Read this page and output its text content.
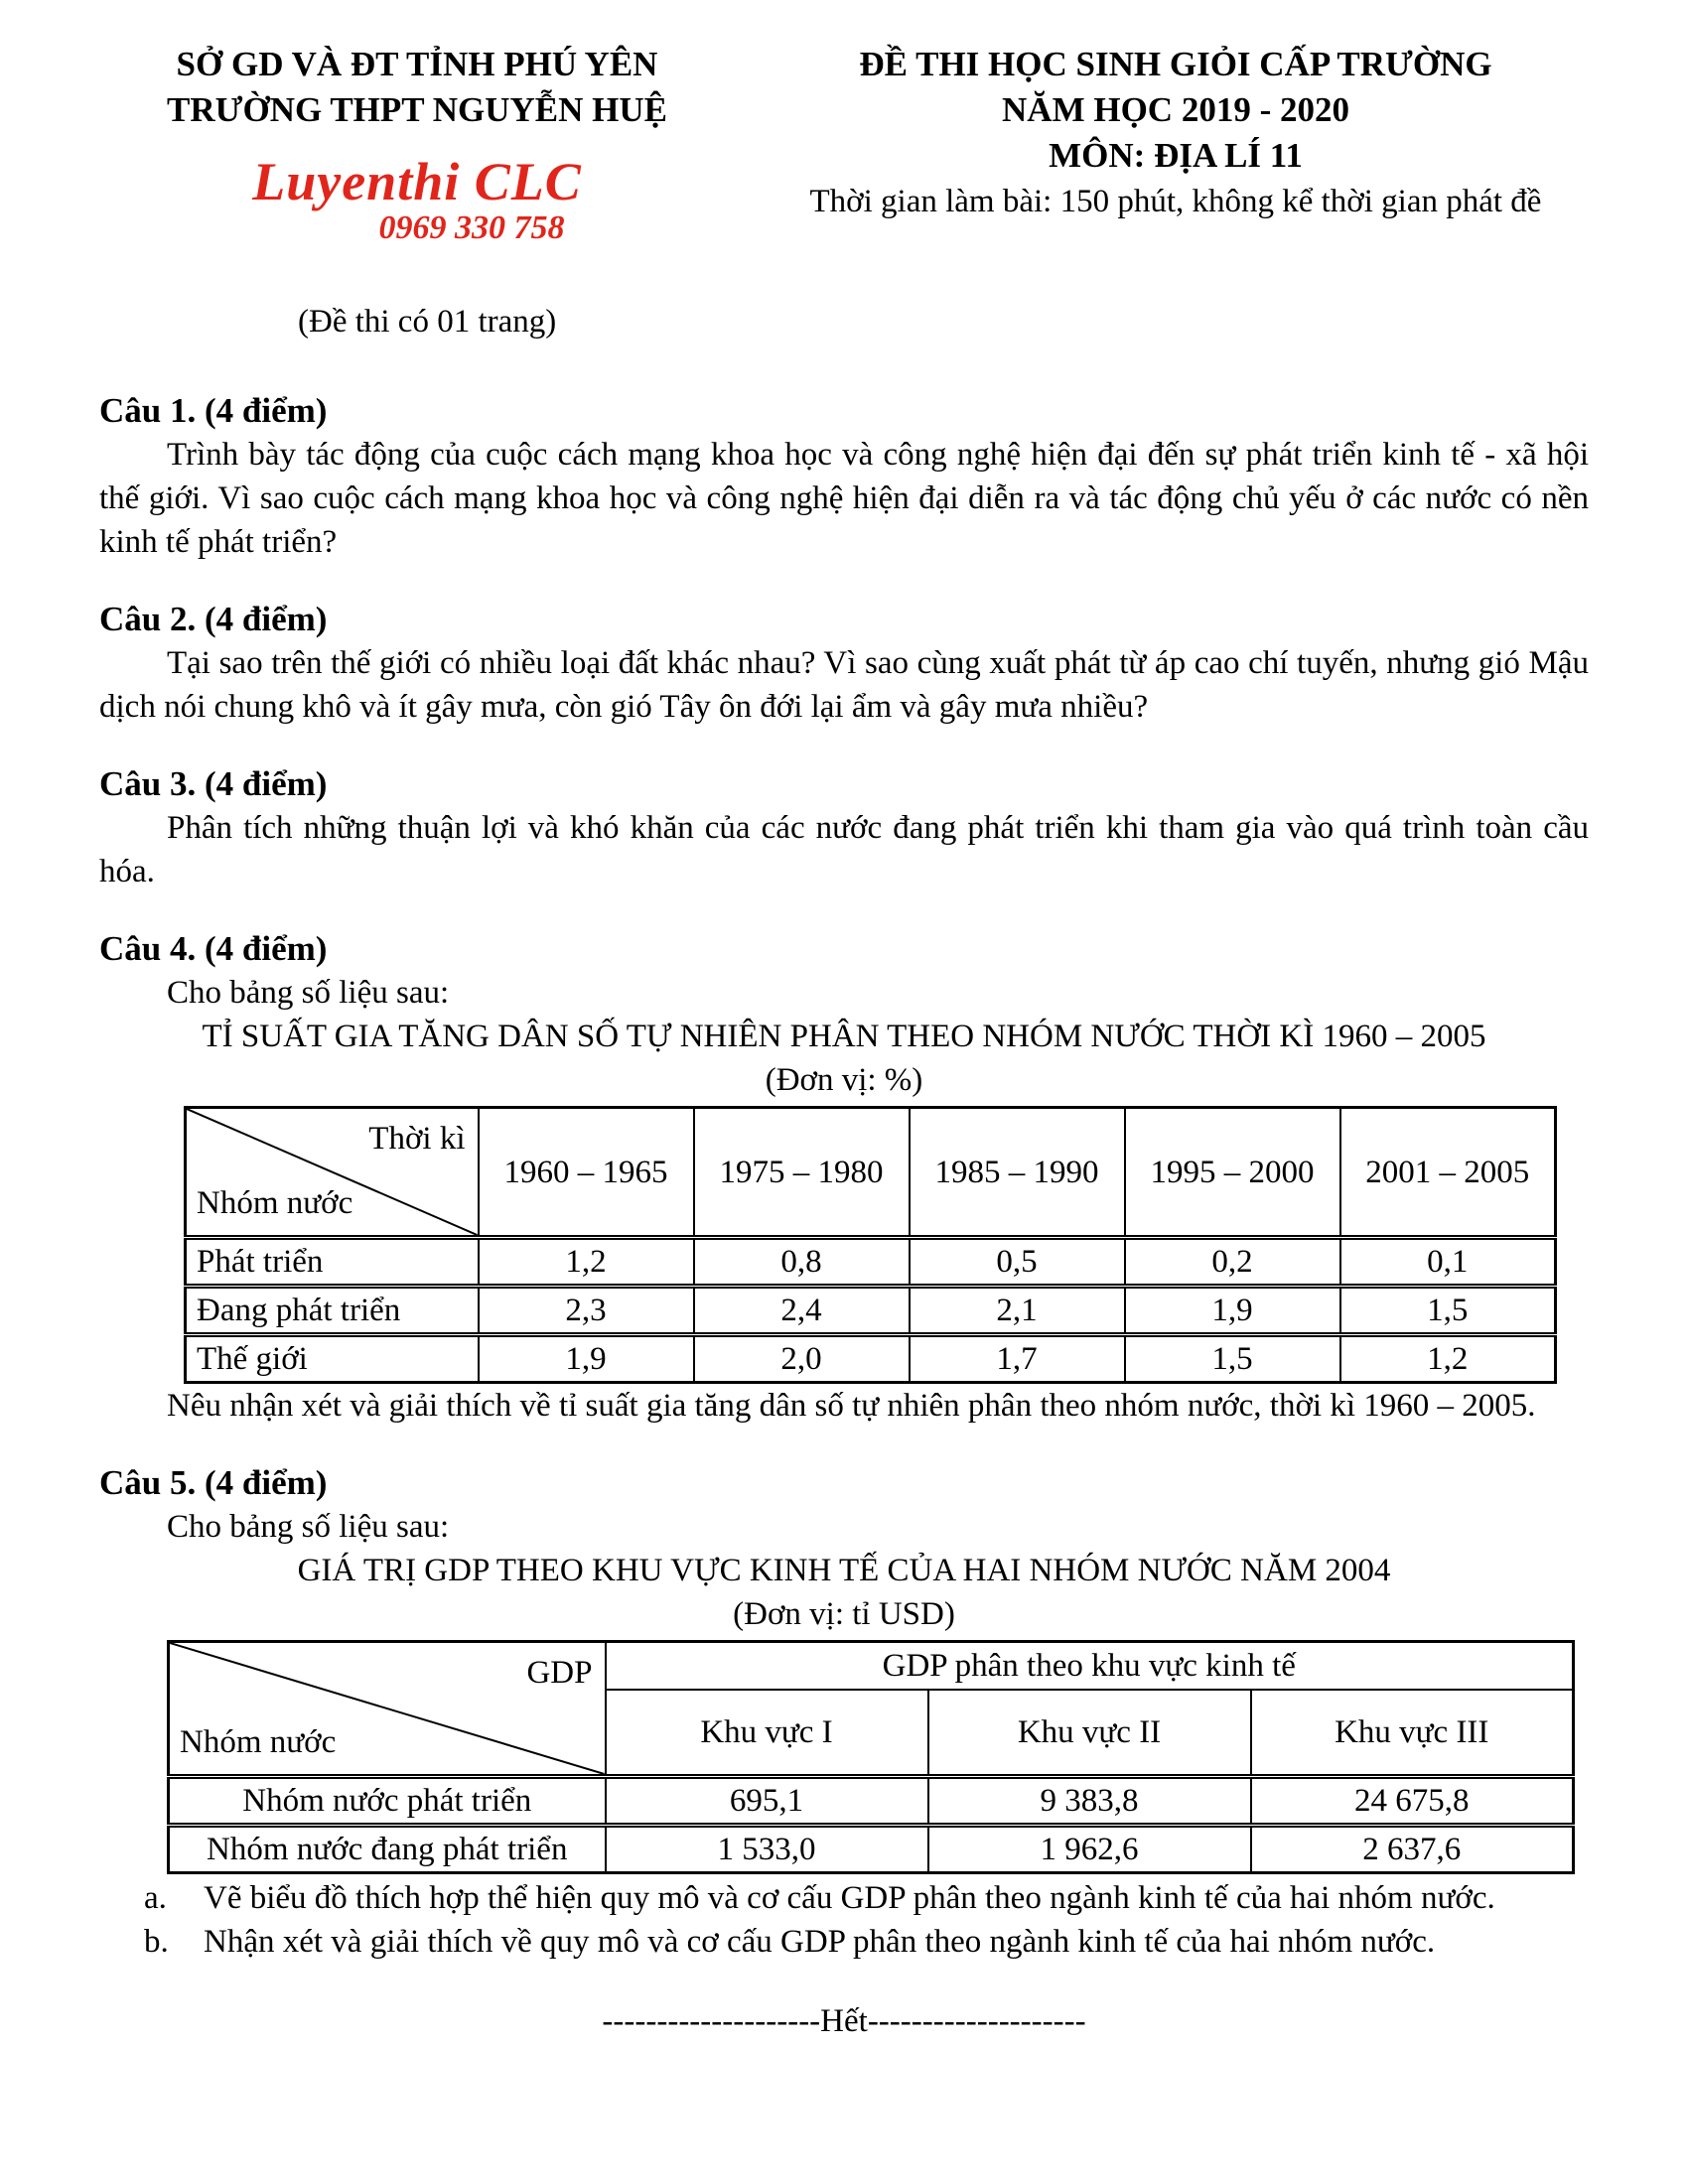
SỞ GD VÀ ĐT TỈNH PHÚ YÊN
TRƯỜNG THPT NGUYỄN HUỆ
Luyenthi CLC
0969 330 758
ĐỀ THI HỌC SINH GIỎI CẤP TRƯỜNG
NĂM HỌC 2019 - 2020
MÔN: ĐỊA LÍ 11
Thời gian làm bài: 150 phút, không kể thời gian phát đề
(Đề thi có 01 trang)
Câu 1. (4 điểm)
Trình bày tác động của cuộc cách mạng khoa học và công nghệ hiện đại đến sự phát triển kinh tế - xã hội thế giới. Vì sao cuộc cách mạng khoa học và công nghệ hiện đại diễn ra và tác động chủ yếu ở các nước có nền kinh tế phát triển?
Câu 2. (4 điểm)
Tại sao trên thế giới có nhiều loại đất khác nhau? Vì sao cùng xuất phát từ áp cao chí tuyến, nhưng gió Mậu dịch nói chung khô và ít gây mưa, còn gió Tây ôn đới lại ẩm và gây mưa nhiều?
Câu 3. (4 điểm)
Phân tích những thuận lợi và khó khăn của các nước đang phát triển khi tham gia vào quá trình toàn cầu hóa.
Câu 4. (4 điểm)
Cho bảng số liệu sau:
TỈ SUẤT GIA TĂNG DÂN SỐ TỰ NHIÊN PHÂN THEO NHÓM NƯỚC THỜI KÌ 1960 – 2005
(Đơn vị: %)
Thời kì
Nhóm nước	1960 – 1965	1975 – 1980	1985 – 1990	1995 – 2000	2001 – 2005
Phát triển	1,2	0,8	0,5	0,2	0,1
Đang phát triển	2,3	2,4	2,1	1,9	1,5
Thế giới	1,9	2,0	1,7	1,5	1,2
Nêu nhận xét và giải thích về tỉ suất gia tăng dân số tự nhiên phân theo nhóm nước, thời kì 1960 – 2005.
Câu 5. (4 điểm)
Cho bảng số liệu sau:
GIÁ TRỊ GDP THEO KHU VỰC KINH TẾ CỦA HAI NHÓM NƯỚC NĂM 2004
(Đơn vị: tỉ USD)
GDP
Nhóm nước	GDP phân theo khu vực kinh tế		
	Khu vực I	Khu vực II	Khu vực III
Nhóm nước phát triển	695,1	9 383,8	24 675,8
Nhóm nước đang phát triển	1 533,0	1 962,6	2 637,6
a.	Vẽ biểu đồ thích hợp thể hiện quy mô và cơ cấu GDP phân theo ngành kinh tế của hai nhóm nước.
b.	Nhận xét và giải thích về quy mô và cơ cấu GDP phân theo ngành kinh tế của hai nhóm nước.
--------------------Hết--------------------
